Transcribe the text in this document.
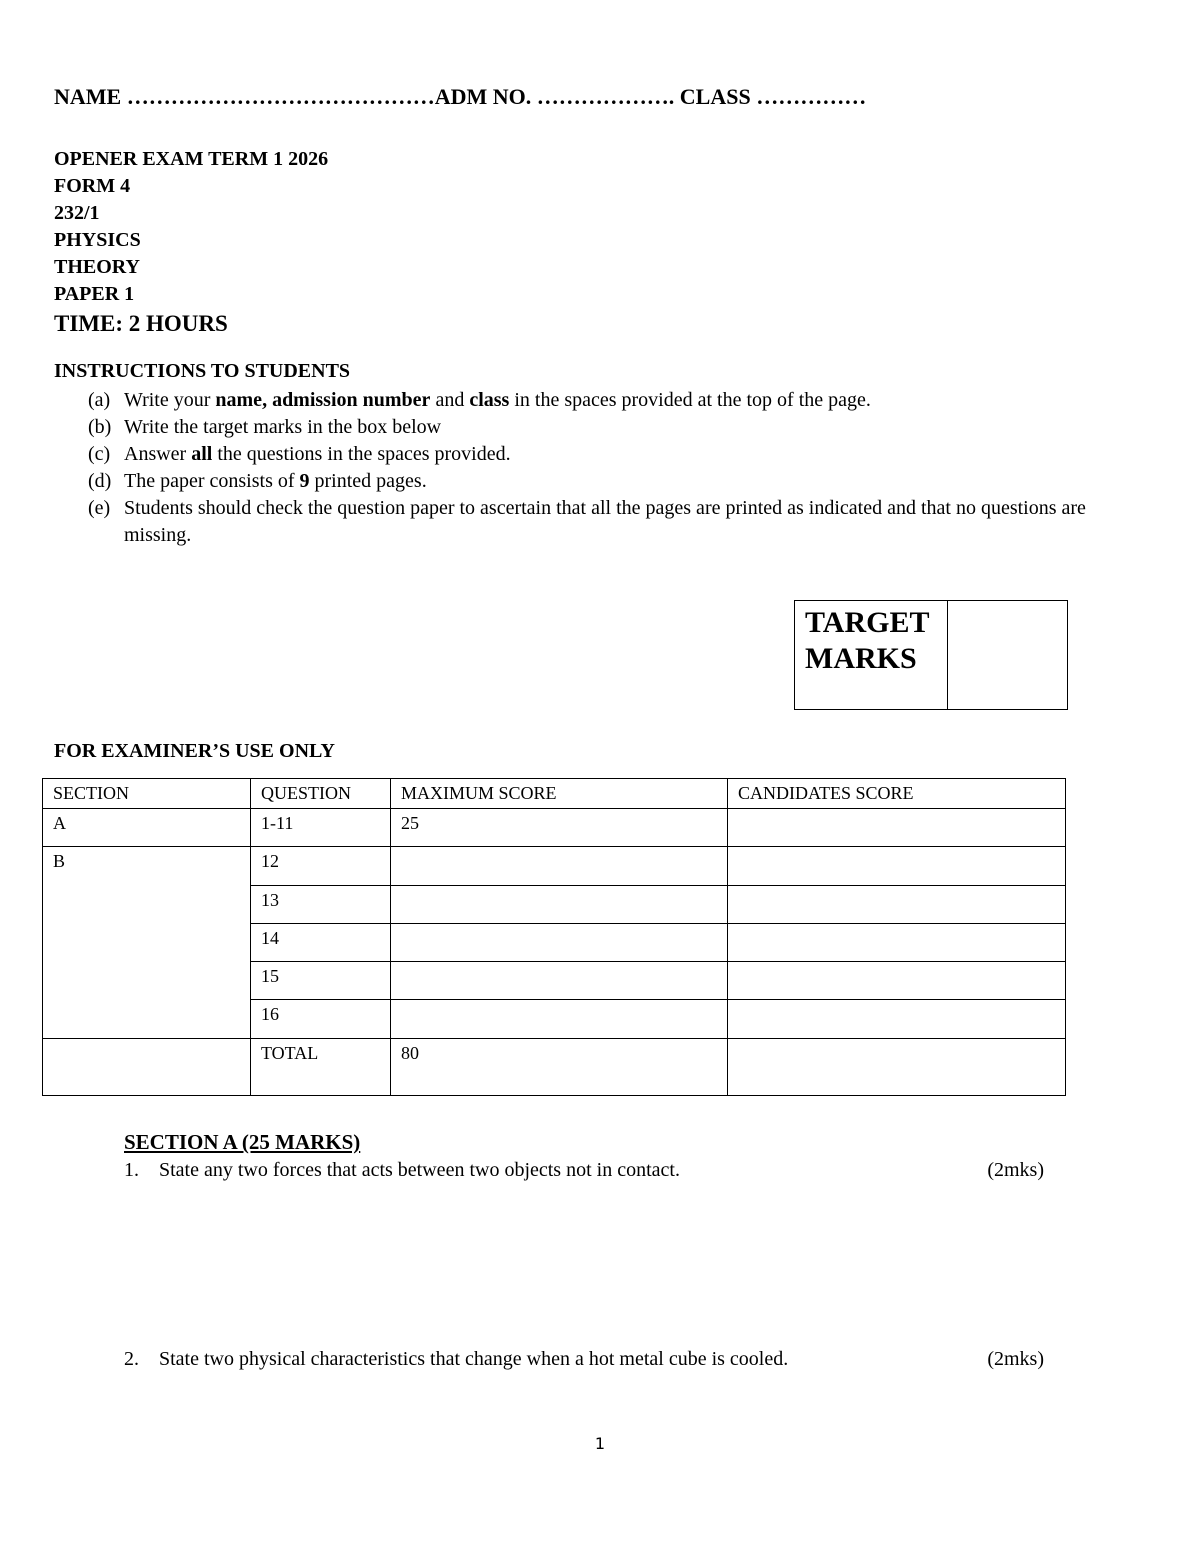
NAME ……………………………………ADM NO. ………………. CLASS ……………
OPENER EXAM TERM 1 2026
FORM 4
232/1
PHYSICS
THEORY
PAPER 1
TIME: 2 HOURS
INSTRUCTIONS TO STUDENTS
(a) Write your name, admission number and class in the spaces provided at the top of the page.
(b) Write the target marks in the box below
(c) Answer all the questions in the spaces provided.
(d) The paper consists of 9 printed pages.
(e) Students should check the question paper to ascertain that all the pages are printed as indicated and that no questions are missing.
TARGET MARKS
FOR EXAMINER’S USE ONLY
SECTION	QUESTION	MAXIMUM SCORE	CANDIDATES SCORE
A	1-11	25	
B	12		
	13		
	14		
	15		
	16		
	TOTAL	80	
SECTION A (25 MARKS)
1. State any two forces that acts between two objects not in contact.	(2mks)
2. State two physical characteristics that change when a hot metal cube is cooled.	(2mks)
1
